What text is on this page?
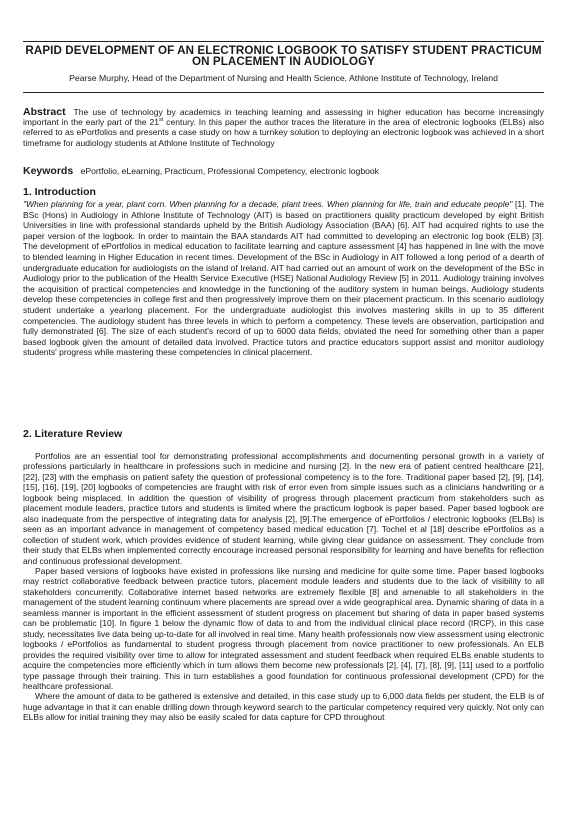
RAPID DEVELOPMENT OF AN ELECTRONIC LOGBOOK TO SATISFY STUDENT PRACTICUM ON PLACEMENT IN AUDIOLOGY
Pearse Murphy, Head of the Department of Nursing and Health Science, Athlone Institute of Technology, Ireland
Abstract The use of technology by academics in teaching learning and assessing in higher education has become increasingly important in the early part of the 21st century. In this paper the author traces the literature in the area of electronic logbooks (ELBs) also referred to as ePortfolios and presents a case study on how a turnkey solution to deploying an electronic logbook was achieved in a short timeframe for audiology students at Athlone Institute of Technology
Keywords ePortfolio, eLearning, Practicum, Professional Competency, electronic logbook
1. Introduction

"When planning for a year, plant corn. When planning for a decade, plant trees. When planning for life, train and educate people" [1]. The BSc (Hons) in Audiology in Athlone Institute of Technology (AIT) is based on practitioners quality practicum developed by eight British Universities in line with professional standards upheld by the British Audiology Association (BAA) [6]. AIT had acquired rights to use the paper version of the logbook. In order to maintain the BAA standards AIT had committed to developing an electronic log book (ELB) [3]. The development of ePortfolios in medical education to facilitate learning and capture assessment [4] has happened in line with the move to blended learning in Higher Education in recent times. Development of the BSc in Audiology in AIT followed a long period of a dearth of undergraduate education for audiologists on the island of Ireland. AIT had carried out an amount of work on the development of the BSc in Audiology prior to the publication of the Health Service Executive (HSE) National Audiology Review [5] in 2011. Audiology training involves the acquisition of practical competencies and knowledge in the functioning of the auditory system in human beings. Audiology students develop these competencies in college first and then progressively improve them on their placement practicum. In this scenario audiology student undertake a yearlong placement. For the undergraduate audiologist this involves mastering skills in up to 35 different competencies. The audiology student has three levels in which to perform a competency. These levels are observation, participation and fully demonstrated [6]. The size of each student's record of up to 6000 data fields, obviated the need for something other than a paper based logbook given the amount of detailed data involved. Practice tutors and practice educators support assist and monitor audiology students' progress while mastering these competencies in clinical placement.

2. Literature Review

Portfolios are an essential tool for demonstrating professional accomplishments and documenting personal growth in a variety of professions particularly in healthcare in professions such in medicine and nursing [2]. In the new era of patient centred healthcare [21], [22], [23] with the emphasis on patient safety the question of professional competency is to the fore. Traditional paper based [2], [9], [14], [15], [16], [19], [20] logbooks of competencies are fraught with risk of error even from simple issues such as a clinicians handwriting or a logbook being misplaced. In addition the question of visibility of progress through placement practicum from stakeholders such as placement module leaders, practice tutors and students is limited where the practicum logbook is paper based. Paper based logbook are also inadequate from the perspective of integrating data for analysis [2], [9].The emergence of ePortfolios / electronic logbooks (ELBs) is seen as an important advance in management of competency based medical education [7]. Tochel et al [18] describe ePortfolios as a collection of student work, which provides evidence of student learning, while giving clear guidance on assessment. They conclude from their study that ELBs when implemented correctly encourage increased personal responsibility for learning and have benefits for reflection and continuous professional development.

Paper based versions of logbooks have existed in professions like nursing and medicine for quite some time. Paper based logbooks may restrict collaborative feedback between practice tutors, placement module leaders and students due to the lack of visibility to all stakeholders concurrently. Collaborative internet based networks are extremely flexible [8] and amenable to all stakeholders in the management of the student learning continuum where placements are spread over a wide geographical area. Dynamic sharing of data in a seamless manner is important in the efficient assessment of student progress on placement but sharing of data in paper based systems can be problematic [10]. In figure 1 below the dynamic flow of data to and from the individual clinical place record (IRCP), in this case study, necessitates live data being up-to-date for all involved in real time. Many health professionals now view assessment using electronic logbooks / ePortfolios as fundamental to student progress through placement from novice practitioner to new professionals. An ELB provides the required visibility over time to allow for integrated assessment and student feedback when required ELBs enable students to acquire the competencies more efficiently which in turn allows them become new professionals [2], [4], [7], [8], [9], [11] used to a portfolio type passage through their training. This in turn establishes a good foundation for continuous professional development (CPD) for the healthcare professional.

Where the amount of data to be gathered is extensive and detailed, in this case study up to 6,000 data fields per student, the ELB is of huge advantage in that it can enable drilling down through keyword search to the particular competency required very quickly. Not only can ELBs allow for initial training they may also be easily scaled for data capture for CPD throughout
